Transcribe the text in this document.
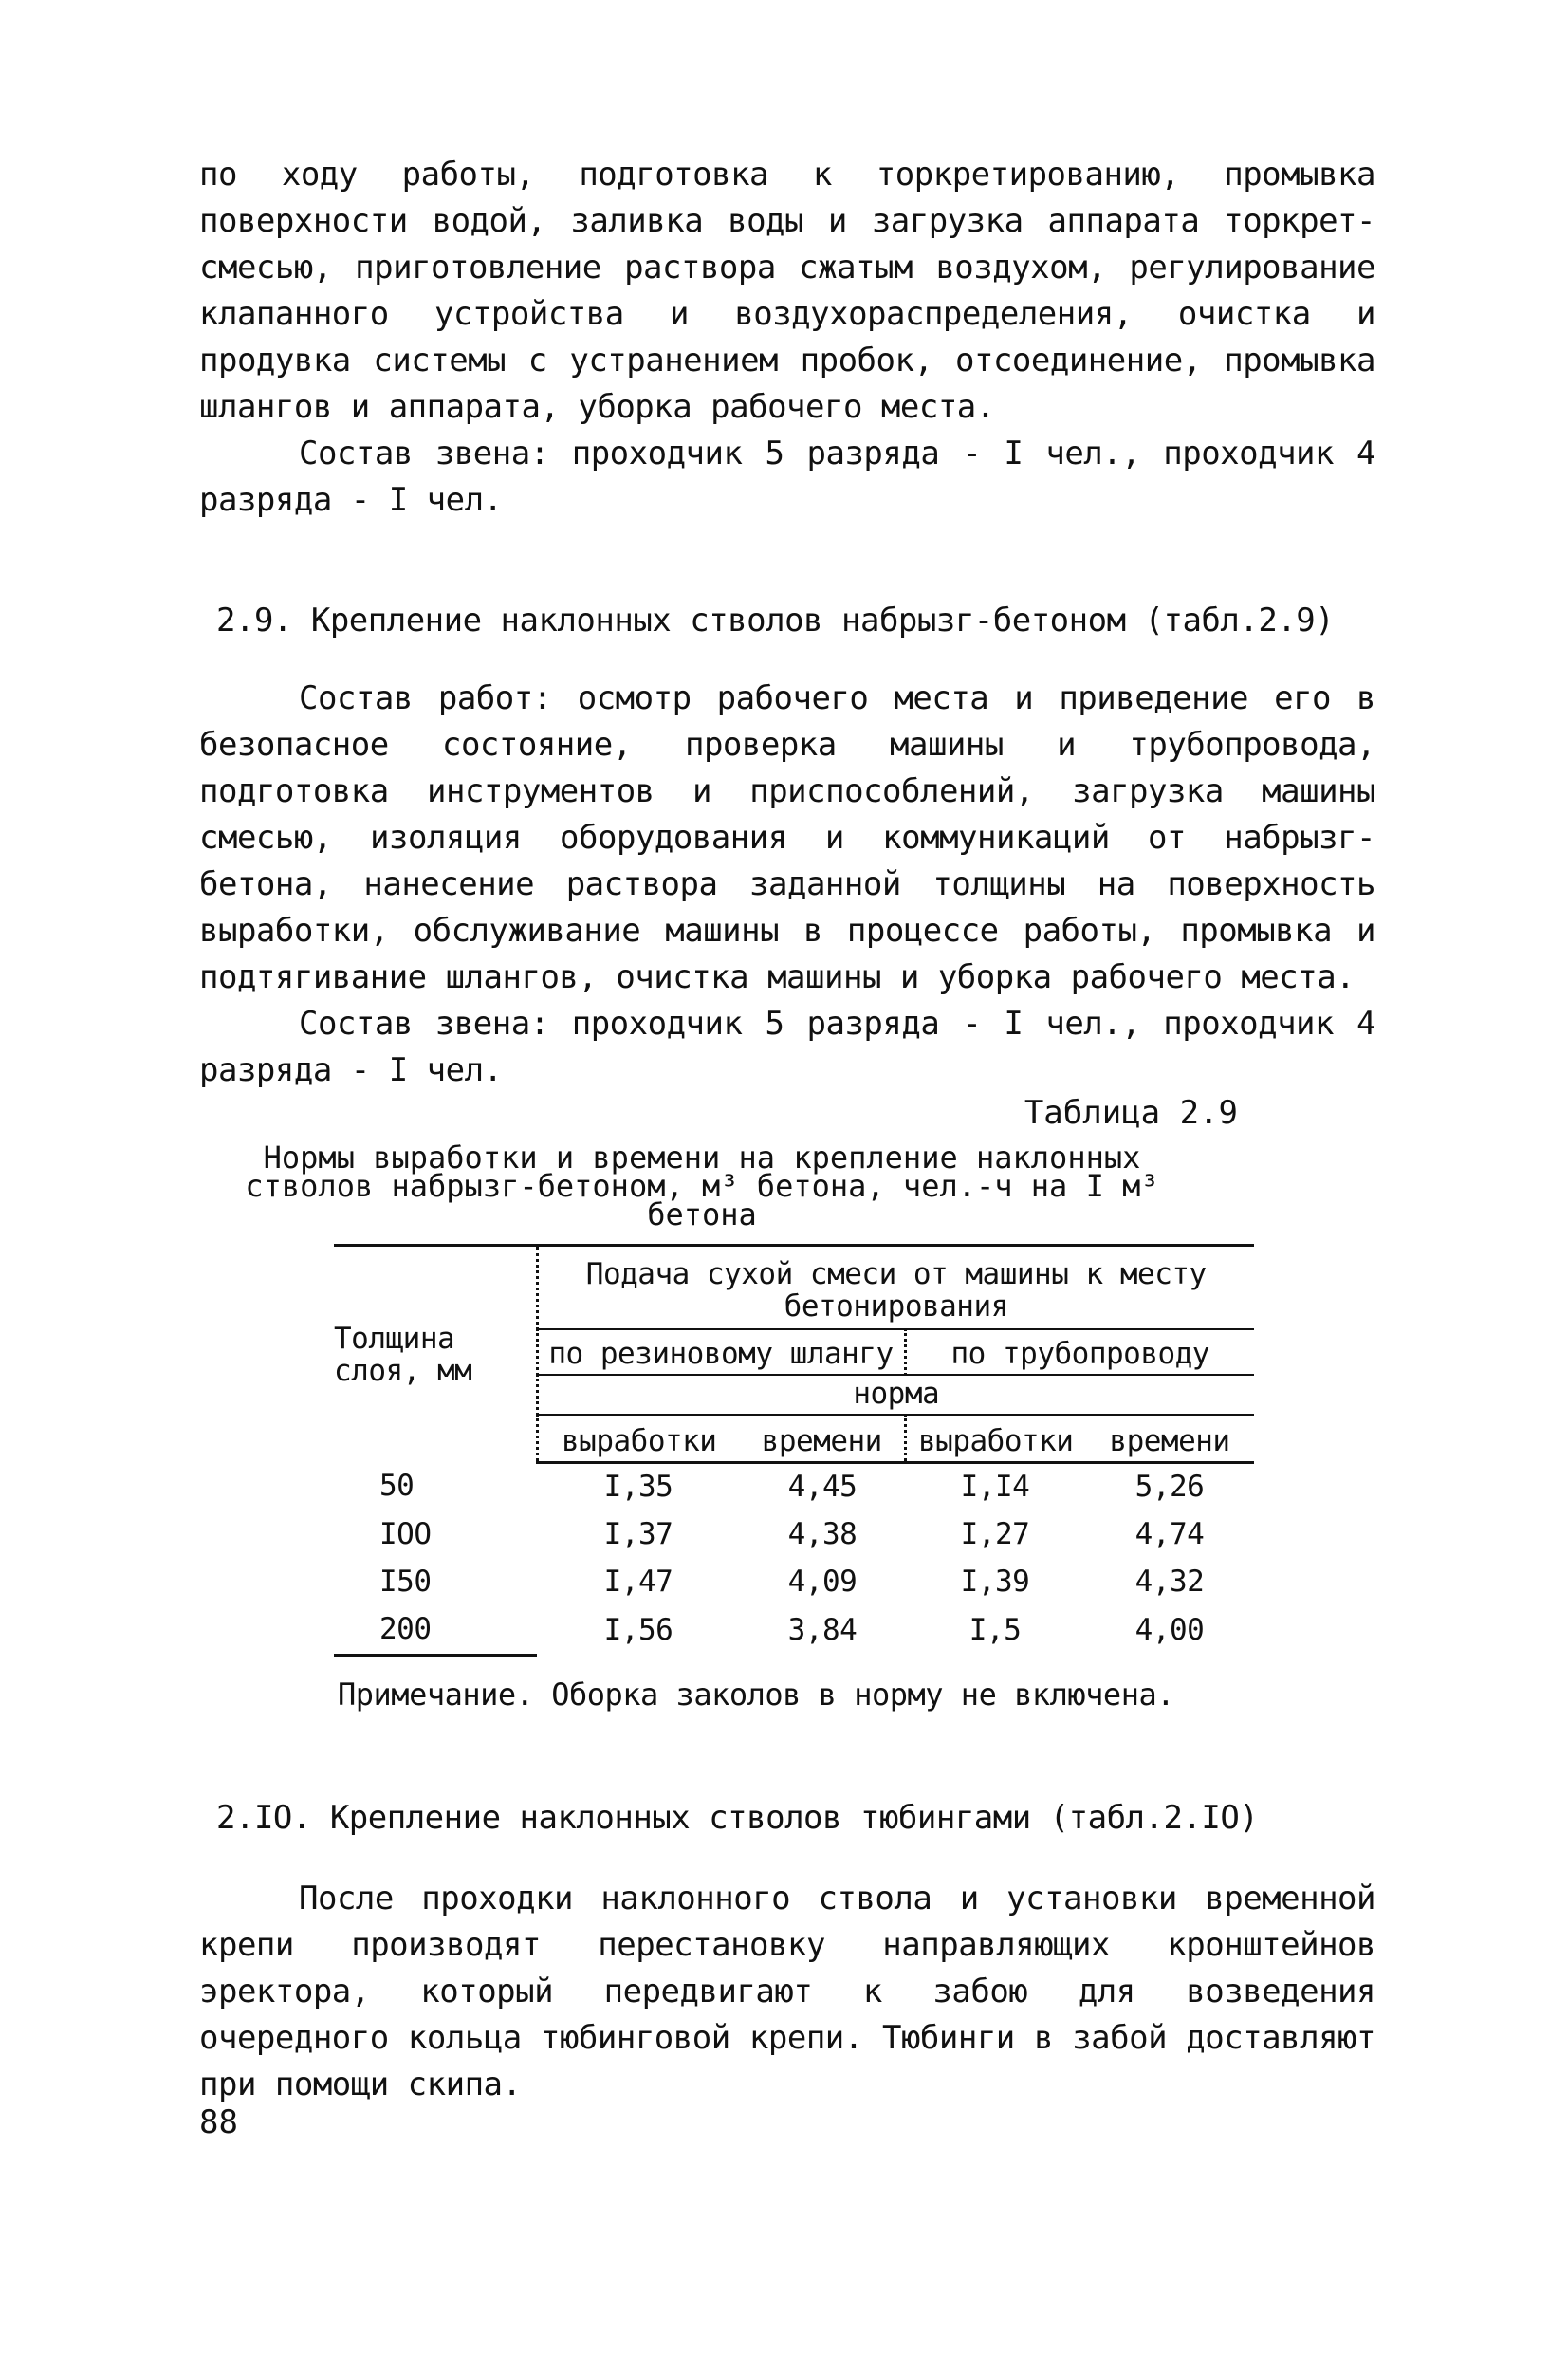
по ходу работы, подготовка к торкретированию, промывка поверхности водой, заливка воды и загрузка аппарата торкрет-смесью, приготовление раствора сжатым воздухом, регулирование клапанного устройства и воздухораспределения, очистка и продувка системы с устранением пробок, отсоединение, промывка шлангов и аппарата, уборка рабочего места.

Состав звена: проходчик 5 разряда - I чел., проходчик 4 разряда - I чел.

2.9. Крепление наклонных стволов набрызг-бетоном (табл.2.9)

Состав работ: осмотр рабочего места и приведение его в безопасное состояние, проверка машины и трубопровода, подготовка инструментов и приспособлений, загрузка машины смесью, изоляция оборудования и коммуникаций от набрызг-бетона, нанесение раствора заданной толщины на поверхность выработки, обслуживание машины в процессе работы, промывка и подтягивание шлангов, очистка машины и уборка рабочего места.

Состав звена: проходчик 5 разряда - I чел., проходчик 4 разряда - I чел.

Таблица 2.9

Нормы выработки и времени на крепление наклонных стволов набрызг-бетоном, м³ бетона, чел.-ч на I м³ бетона

Толщина слоя, мм	Подача сухой смеси от машины к месту бетонирования			
	по резиновому шлангу		по трубопроводу	
	норма			
	выработки	времени	выработки	времени
50	I,35	4,45	I,I4	5,26
IOO	I,37	4,38	I,27	4,74
I50	I,47	4,09	I,39	4,32
200	I,56	3,84	I,5	4,00

Примечание. Оборка заколов в норму не включена.

2.IO. Крепление наклонных стволов тюбингами (табл.2.IO)

После проходки наклонного ствола и установки временной крепи производят перестановку направляющих кронштейнов эректора, который передвигают к забою для возведения очередного кольца тюбинговой крепи. Тюбинги в забой доставляют при помощи скипа.

88
